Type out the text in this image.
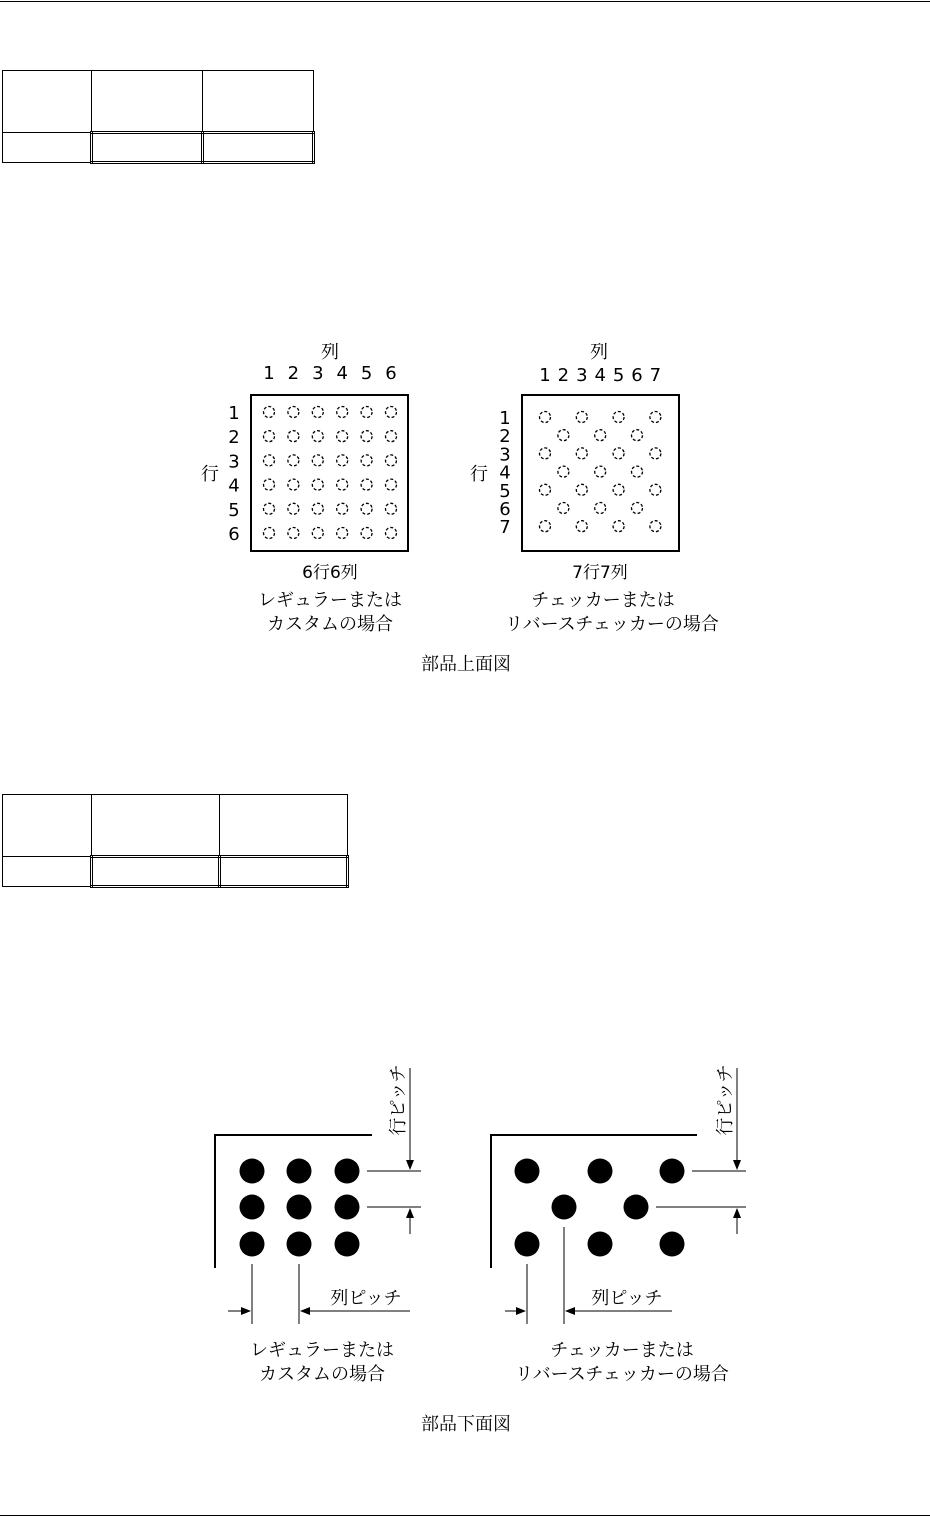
列
1 2 3 4 5 6
1
2
3
4
5
6
行
6行6列
レギュラーまたは
カスタムの場合
列
1 2 3 4 5 6 7
1
2
3
4
5
6
7
行
7行7列
チェッカーまたは
リバースチェッカーの場合
部品上面図
行ピッチ
列ピッチ
レギュラーまたは
カスタムの場合
行ピッチ
列ピッチ
チェッカーまたは
リバースチェッカーの場合
部品下面図
